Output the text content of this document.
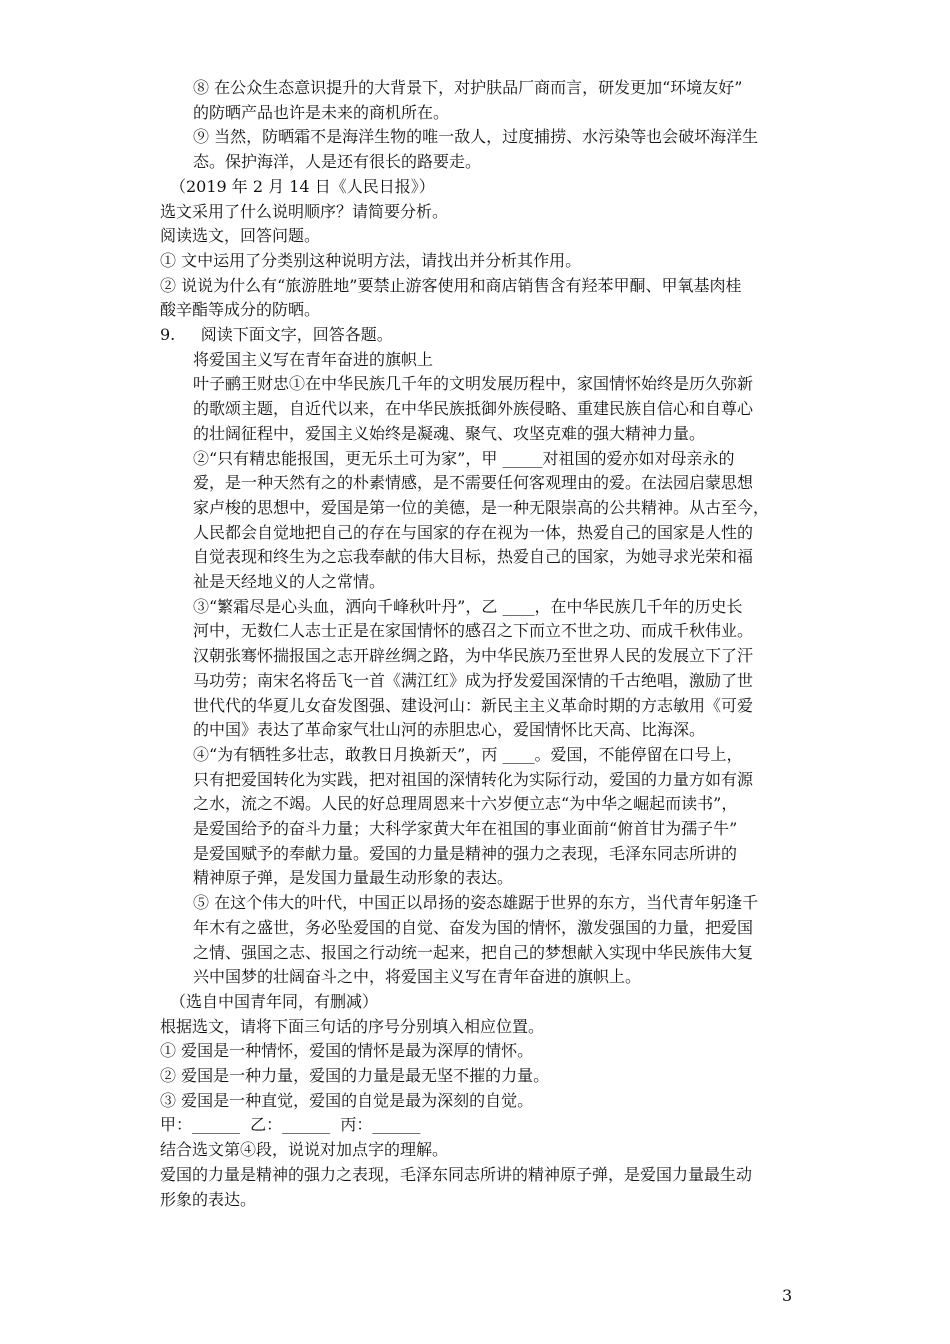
⑧ 在公众生态意识提升的大背景下，对护肤品厂商而言，研发更加“环境友好”
的防晒产品也许是未来的商机所在。
⑨ 当然，防晒霜不是海洋生物的唯一敌人，过度捕捞、水污染等也会破坏海洋生
态。保护海洋，人是还有很长的路要走。
（2019 年 2 月 14 日《人民日报》）
选文采用了什么说明顺序？请简要分析。
阅读选文，回答问题。
① 文中运用了分类别这种说明方法，请找出并分析其作用。
② 说说为什么有“旅游胜地”要禁止游客使用和商店销售含有羟苯甲酮、甲氧基肉桂
酸辛酯等成分的防晒。
9.     阅读下面文字，回答各题。
将爱国主义写在青年奋进的旗帜上
叶子鹂王财忠①在中华民族几千年的文明发展历程中，家国情怀始终是历久弥新
的歌颂主题，自近代以来，在中华民族抵御外族侵略、重建民族自信心和自尊心
的壮阔征程中，爱国主义始终是凝魂、聚气、攻坚克难的强大精神力量。
②“只有精忠能报国，更无乐土可为家”，甲 _____对祖国的爱亦如对母亲永的
爱，是一种天然有之的朴素情感，是不需要任何客观理由的爱。在法园启蒙思想
家卢梭的思想中，爱国是第一位的美德，是一种无限崇高的公共精神。从古至今，
人民都会自觉地把自己的存在与国家的存在视为一体，热爱自己的国家是人性的
自觉表现和终生为之忘我奉献的伟大目标，热爱自己的国家，为她寻求光荣和福
祉是天经地义的人之常情。
③“繁霜尽是心头血，洒向千峰秋叶丹”，乙 ____，在中华民族几千年的历史长
河中，无数仁人志士正是在家国情怀的感召之下而立不世之功、而成千秋伟业。
汉朝张骞怀揣报国之志开辟丝绸之路，为中华民族乃至世界人民的发展立下了汗
马功劳；南宋名将岳飞一首《满江红》成为抒发爱国深情的千古绝唱，激励了世
世代代的华夏儿女奋发图强、建设河山：新民主主义革命时期的方志敏用《可爱
的中国》表达了革命家气壮山河的赤胆忠心，爱国情怀比天高、比海深。
④“为有牺牲多壮志，敢教日月换新天”，丙 ____。爱国，不能停留在口号上，
只有把爱国转化为实践，把对祖国的深情转化为实际行动，爱国的力量方如有源
之水，流之不竭。人民的好总理周恩来十六岁便立志“为中华之崛起而读书”，
是爱国给予的奋斗力量；大科学家黄大年在祖国的事业面前“俯首甘为孺子牛”
是爱国赋予的奉献力量。爱国的力量是精神的强力之表现，毛泽东同志所讲的
精神原子弹，是发国力量最生动形象的表达。
⑤ 在这个伟大的叶代，中国正以昂扬的姿态雄踞于世界的东方，当代青年躬逢千
年木有之盛世，务必坠爱国的自觉、奋发为国的情怀，激发强国的力量，把爱国
之情、强国之志、报国之行动统一起来，把自己的梦想献入实现中华民族伟大复
兴中国梦的壮阔奋斗之中，将爱国主义写在青年奋进的旗帜上。
（选自中国青年同，有删减）
根据选文，请将下面三句话的序号分别填入相应位置。
① 爱国是一种情怀，爱国的情怀是最为深厚的情怀。
② 爱国是一种力量，爱国的力量是最无坚不摧的力量。
③ 爱国是一种直觉，爱国的自觉是最为深刻的自觉。
甲：______  乙：______  丙：______
结合选文第④段，说说对加点字的理解。
爱国的力量是精神的强力之表现，毛泽东同志所讲的精神原子弹，是爱国力量最生动
形象的表达。
3
